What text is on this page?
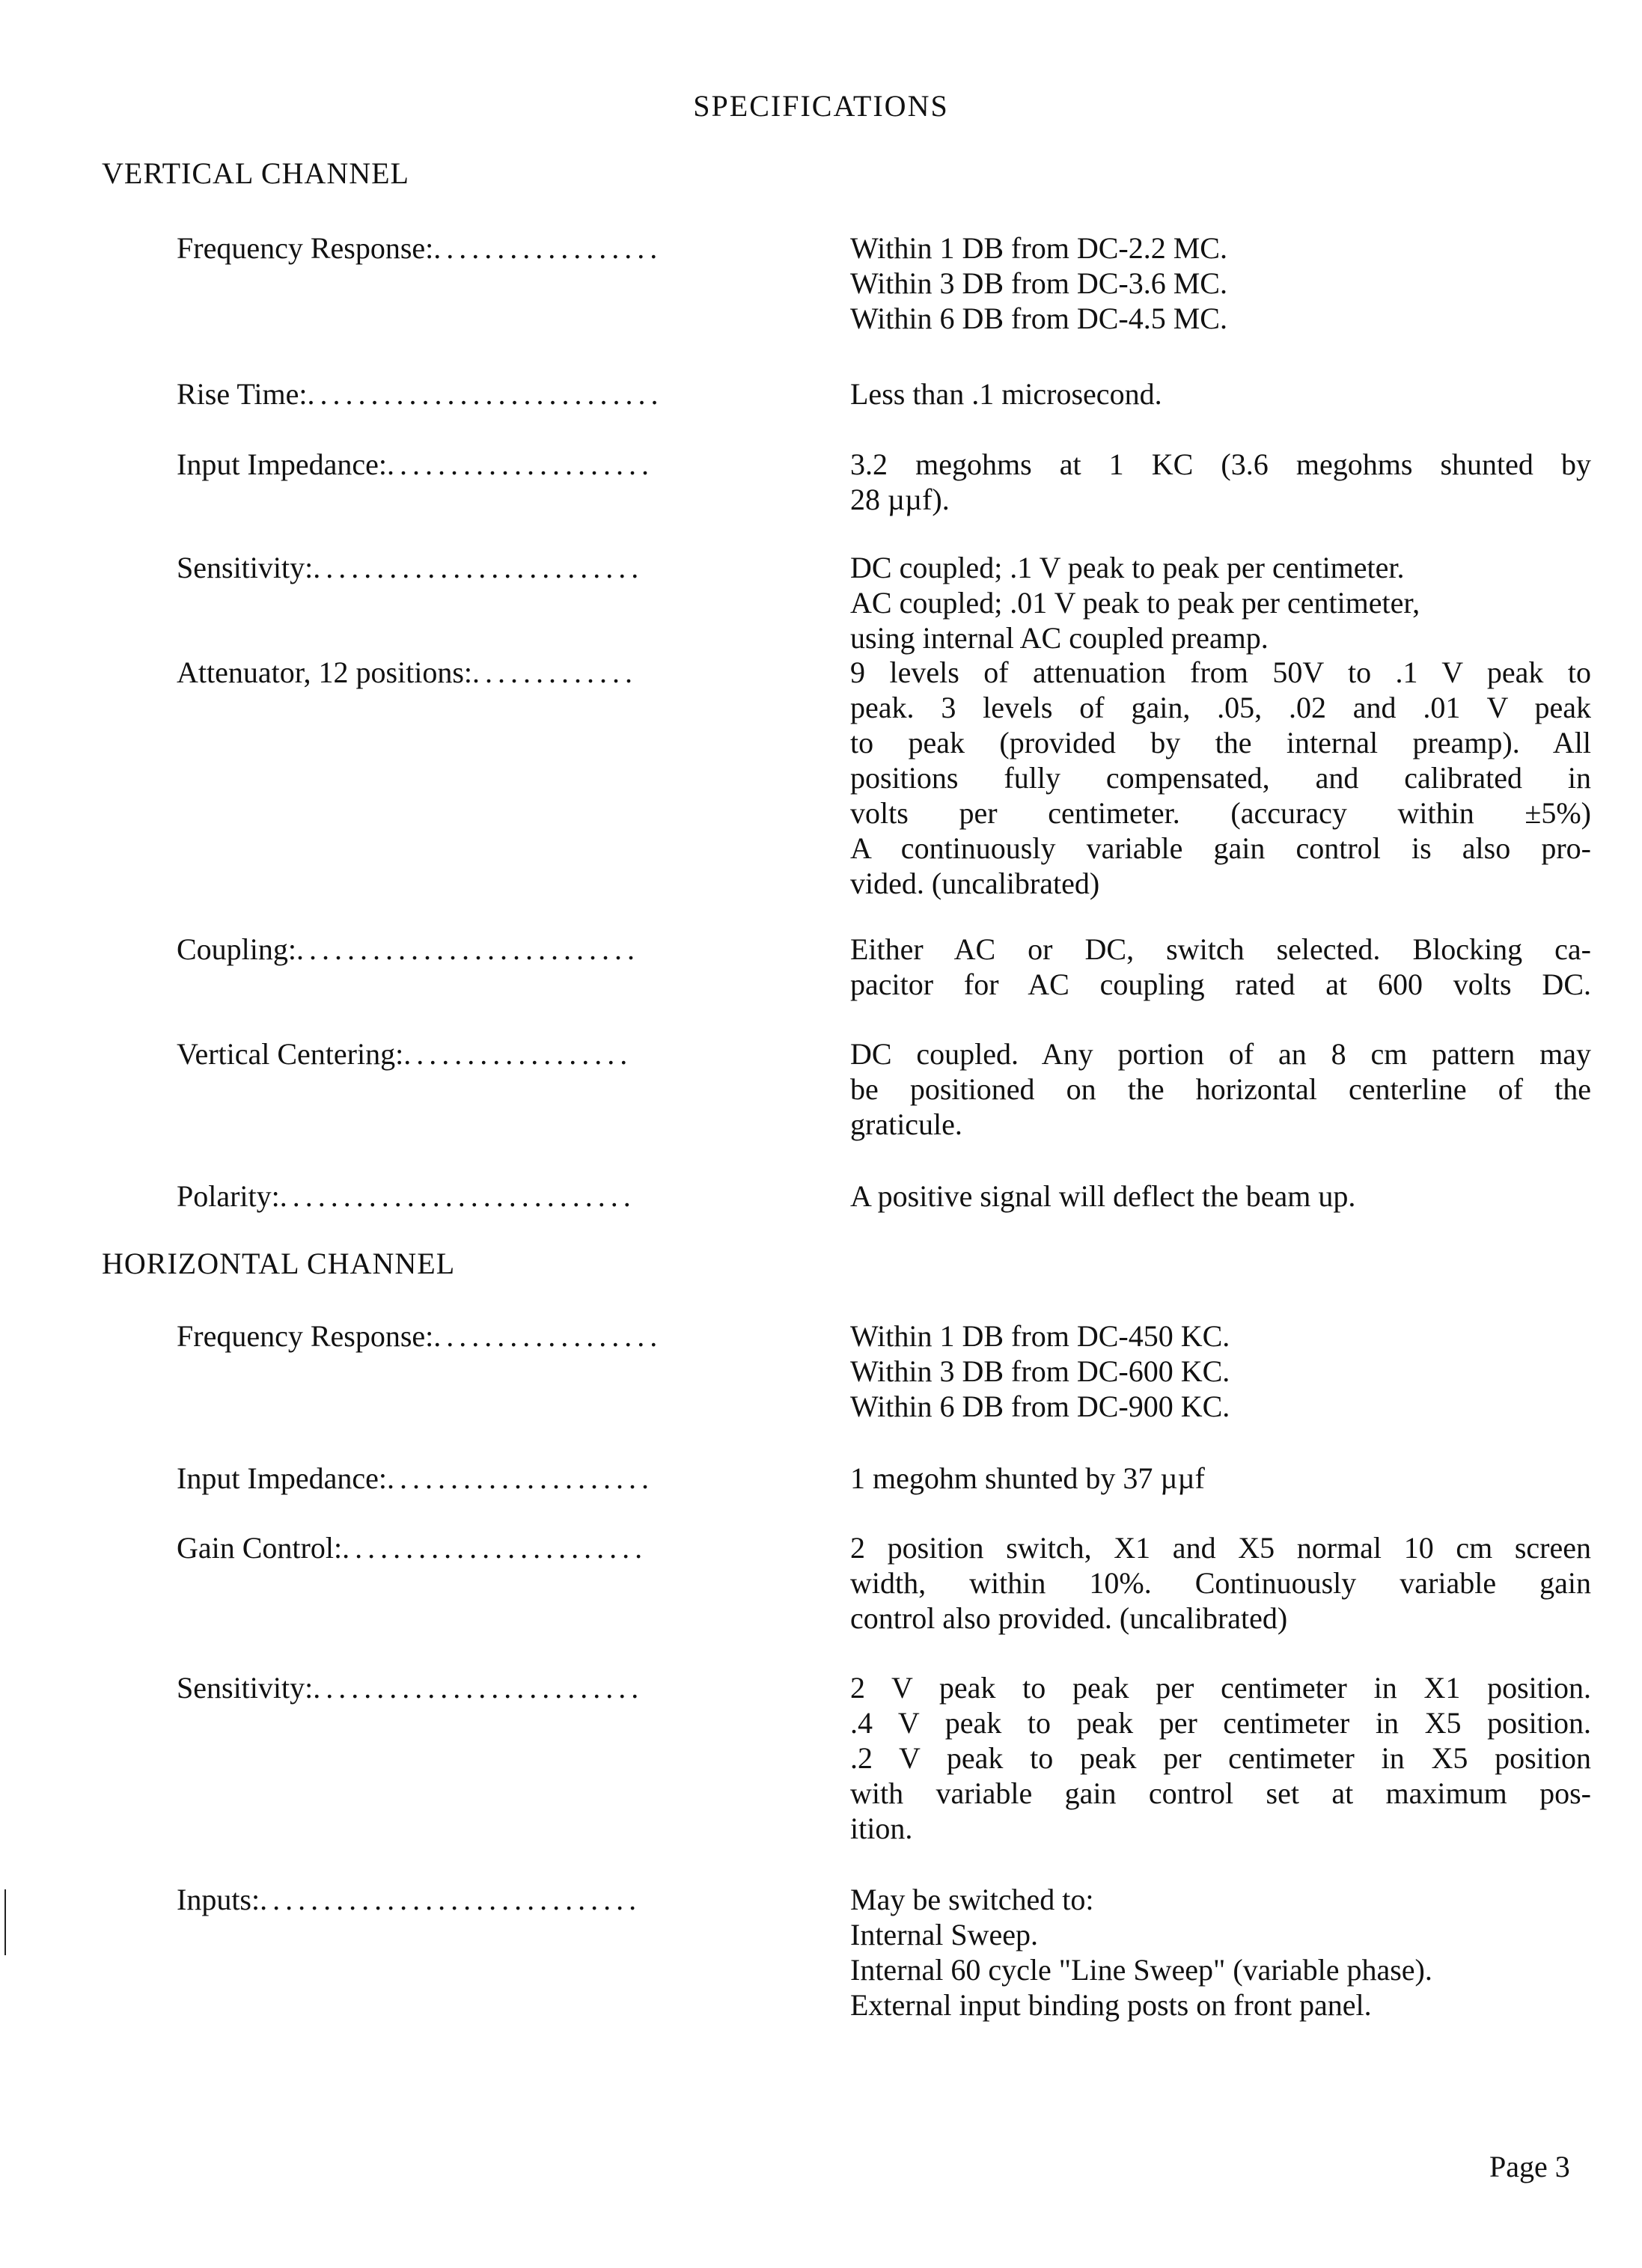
SPECIFICATIONS
VERTICAL CHANNEL
Frequency Response:..................	Within 1 DB from DC-2.2 MC.
Within 3 DB from DC-3.6 MC.
Within 6 DB from DC-4.5 MC.
Rise Time:............................	Less than .1 microsecond.
Input Impedance:.....................	3.2 megohms at 1 KC (3.6 megohms shunted by
28 µµf).
Sensitivity:..........................	DC coupled; .1 V peak to peak per centimeter.
AC coupled; .01 V peak to peak per centimeter,
using internal AC coupled preamp.
Attenuator, 12 positions:.............	9 levels of attenuation from 50V to .1 V peak to
peak. 3 levels of gain, .05, .02 and .01 V peak
to peak (provided by the internal preamp). All
positions fully compensated, and calibrated in
volts per centimeter. (accuracy within ±5%)
A continuously variable gain control is also pro-
vided. (uncalibrated)
Coupling:...........................	Either AC or DC, switch selected. Blocking ca-
pacitor for AC coupling rated at 600 volts DC.
Vertical Centering:..................	DC coupled. Any portion of an 8 cm pattern may
be positioned on the horizontal centerline of the
graticule.
Polarity:............................	A positive signal will deflect the beam up.
HORIZONTAL CHANNEL
Frequency Response:..................	Within 1 DB from DC-450 KC.
Within 3 DB from DC-600 KC.
Within 6 DB from DC-900 KC.
Input Impedance:.....................	1 megohm shunted by 37 µµf
Gain Control:........................	2 position switch, X1 and X5 normal 10 cm screen
width, within 10%. Continuously variable gain
control also provided. (uncalibrated)
Sensitivity:..........................	2 V peak to peak per centimeter in X1 position.
.4 V peak to peak per centimeter in X5 position.
.2 V peak to peak per centimeter in X5 position
with variable gain control set at maximum pos-
ition.
Inputs:..............................	May be switched to:
Internal Sweep.
Internal 60 cycle "Line Sweep" (variable phase).
External input binding posts on front panel.
Page 3
